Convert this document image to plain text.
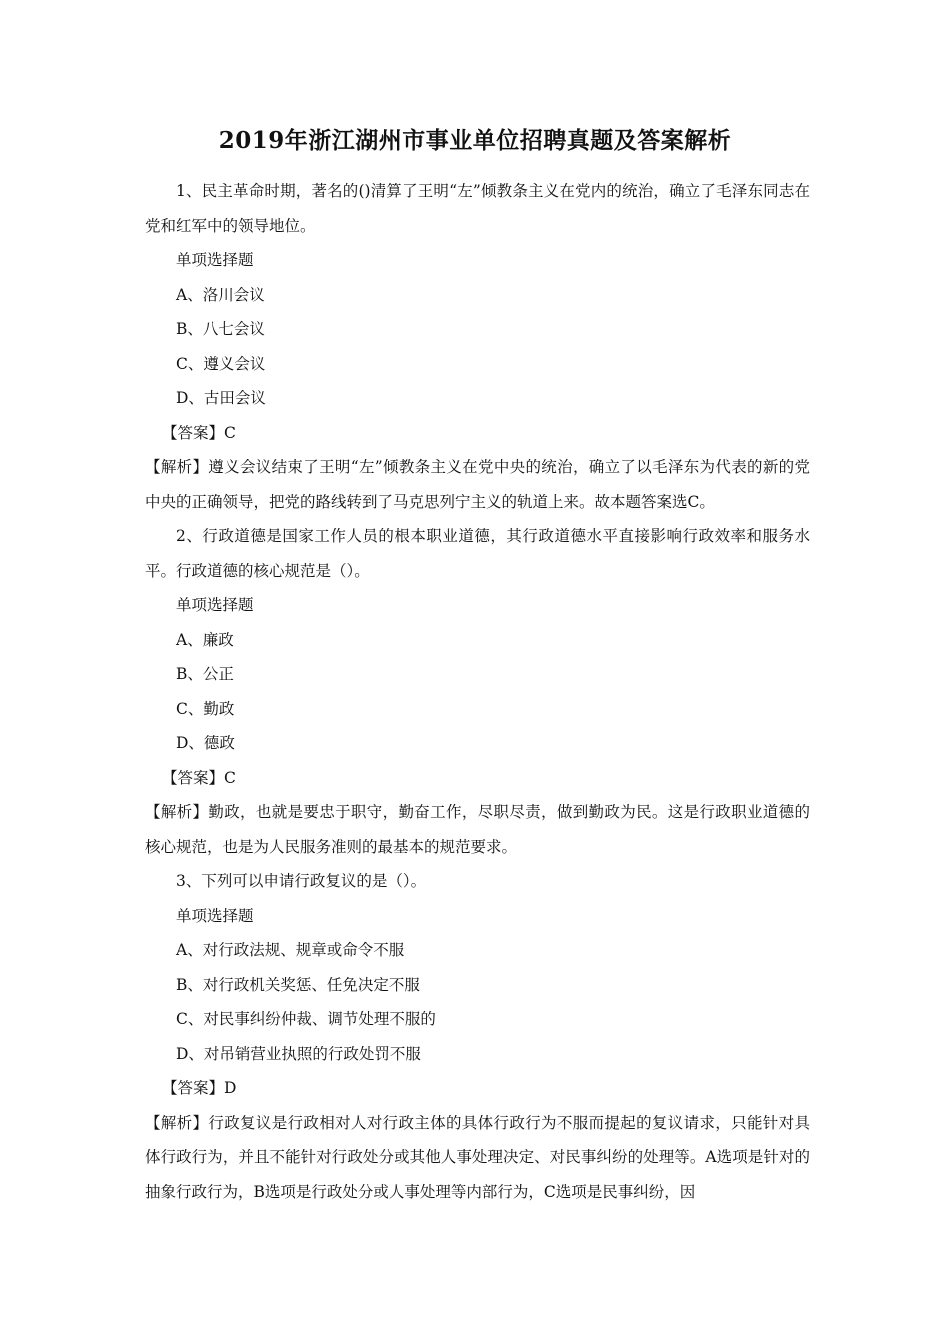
2019年浙江湖州市事业单位招聘真题及答案解析

1、民主革命时期，著名的()清算了王明“左”倾教条主义在党内的统治，确立了毛泽东同志在党和红军中的领导地位。

单项选择题

A、洛川会议

B、八七会议

C、遵义会议

D、古田会议

【答案】C

【解析】遵义会议结束了王明“左”倾教条主义在党中央的统治，确立了以毛泽东为代表的新的党中央的正确领导，把党的路线转到了马克思列宁主义的轨道上来。故本题答案选C。

2、行政道德是国家工作人员的根本职业道德，其行政道德水平直接影响行政效率和服务水平。行政道德的核心规范是（）。

单项选择题

A、廉政

B、公正

C、勤政

D、德政

【答案】C

【解析】勤政，也就是要忠于职守，勤奋工作，尽职尽责，做到勤政为民。这是行政职业道德的核心规范，也是为人民服务准则的最基本的规范要求。

3、下列可以申请行政复议的是（）。

单项选择题

A、对行政法规、规章或命令不服

B、对行政机关奖惩、任免决定不服

C、对民事纠纷仲裁、调节处理不服的

D、对吊销营业执照的行政处罚不服

【答案】D

【解析】行政复议是行政相对人对行政主体的具体行政行为不服而提起的复议请求，只能针对具体行政行为，并且不能针对行政处分或其他人事处理决定、对民事纠纷的处理等。A选项是针对的抽象行政行为，B选项是行政处分或人事处理等内部行为，C选项是民事纠纷，因
